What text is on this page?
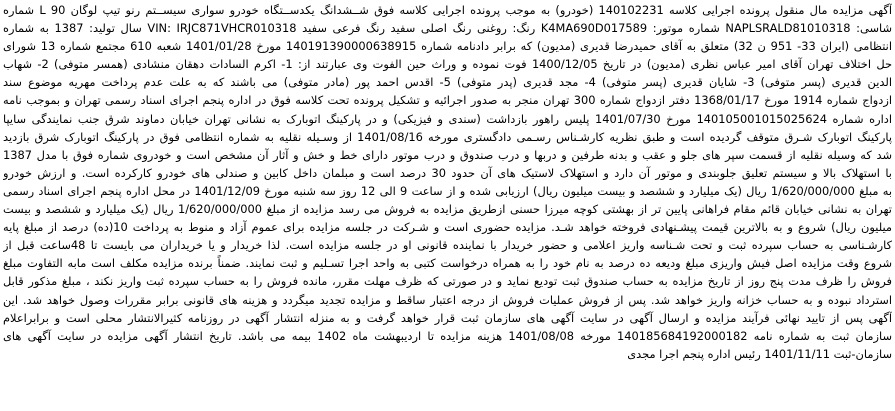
آگهی مزایده مال منقول پرونده اجرایی کلاسه 140102231 (خودرو) به موجب پرونده اجرایی کلاسه فوق شــشدانگ یکدســتگاه خودرو سواری سیســتم رنو تیپ لوگان 90 L شماره
شاسی: NAPLSRALD81010318 شماره موتور: K4MA690D017589 رنگ: روغنی رنگ اصلی سفید رنگ فرعی سفید VIN: IRJC871VHCR010318 سال تولید: 1387 به شماره
انتظامی (ایران 33- 951 ن 32) متعلق به آقای حمیدرضا قدیری (مدیون) که برابر دادنامه شماره 140191390000638915 مورخ 1401/01/28 شعبه 610 مجتمع شماره 13 شورای
حل اختلاف تهران آقای امیر عباس نظری (مدیون) در تاریخ 1400/12/05 فوت نموده و وراث حین الفوت وی عبارتند از: 1- اکرم السادات دهقان منشادی (همسر متوفی) 2- شهاب
الدین قدیری (پسر متوفی) 3- شایان قدیری (پسر متوفی) 4- مجد قدیری (پدر متوفی) 5- اقدس احمد پور (مادر متوفی) می باشند که به علت عدم پرداخت مهریه موضوع سند
ازدواج شماره 1914 مورخ 1368/01/17 دفتر ازدواج شماره 300 تهران منجر به صدور اجرائیه و تشکیل پرونده تحت کلاسه فوق در اداره پنجم اجرای اسناد رسمی تهران و بموجب نامه
اداره شماره 140105001015025624 مورخ 1401/07/30 پلیس راهور بازداشت (سندی و فیزیکی) و در پارکینگ اتوبارک به نشانی تهران خیابان دماوند شرق جنب نمایندگی سایپا
پارکینگ اتوبارک شـرق متوقف گردیده است و طبق نظریه کارشـناس رسـمی دادگستری مورخه 1401/08/16 از وسـیله نقلیه به شماره انتظامی فوق در پارکینگ اتوبارک شرق بازدید
شد که وسیله نقلیه از قسمت سپر های جلو و عقب و بدنه طرفین و دربها و درب صندوق و درب موتور دارای خط و خش و آثار آن مشخص است و خودروی شماره فوق با مدل 1387
با استهلاک بالا و سیستم تعلیق جلوبندی و موتور آن دارد و استهلاک لاستیک های آن حدود 30 درصد است و مبلمان داخل کابین و صندلی های خودرو کارکرده است. و ارزش خودرو
به مبلغ 1/620/000/000 ریال (یک میلیارد و ششصد و بیست میلیون ریال) ارزیابی شده و از ساعت 9 الی 12 روز سه شنبه مورخ 1401/12/09 در محل اداره پنجم اجرای اسناد رسمی
تهران به نشانی خیابان قائم مقام فراهانی پایین تر از بهشتی کوچه میرزا حسنی ازطریق مزایده به فروش می رسد مزایده از مبلغ 1/620/000/000 ریال (یک میلیارد و ششصد و بیست
میلیون ریال) شروع و به بالاترین قیمت پیشـنهادی فروخته خواهد شـد. مزایده حضوری است و شـرکت در جلسه مزایده برای عموم آزاد و منوط به پرداخت 10(ده) درصد از مبلغ پایه
کارشـناسی به حساب سپرده ثبت و تحت شـناسه واریز اعلامی و حضور خریدار با نماینده قانونی او در جلسه مزایده است. لذا خریدار و یا خریداران می بایست تا 48ساعت قبل از
شروع وقت مزایده اصل فیش واریزی مبلغ ودیعه ده درصد به نام خود را به همراه درخواست کتبی به واحد اجرا تسـلیم و ثبت نمایند. ضمناً برنده مزایده مکلف است مابه التفاوت مبلغ
فروش را ظرف مدت پنج روز از تاریخ مزایده به حساب صندوق ثبت تودیع نماید و در صورتی که ظرف مهلت مقرر، مانده فروش را به حساب سپرده ثبت واریز نکند ، مبلغ مذکور قابل
استرداد نبوده و به حساب خزانه واریز خواهد شد. پس از فروش عملیات فروش از درجه اعتبار ساقط و مزایده تجدید میگردد و هزینه های قانونی برابر مقررات وصول خواهد شد. این
آگهی پس از تایید نهائی فرآیند مزایده و ارسال آگهی در سایت آگهی های سازمان ثبت قرار خواهد گرفت و به منزله انتشار آگهی در روزنامه کثیرالانتشار محلی است و برابراعلام
سازمان ثبت به شماره نامه 140185684192000182 مورخه 1401/08/08 هزینه مزایده تا اردیبهشت ماه 1402 بیمه می باشد. تاریخ انتشار آگهی مزایده در سایت آگهی های
سازمان-ثبت 1401/11/11 رئیس اداره پنجم اجرا مجدی
